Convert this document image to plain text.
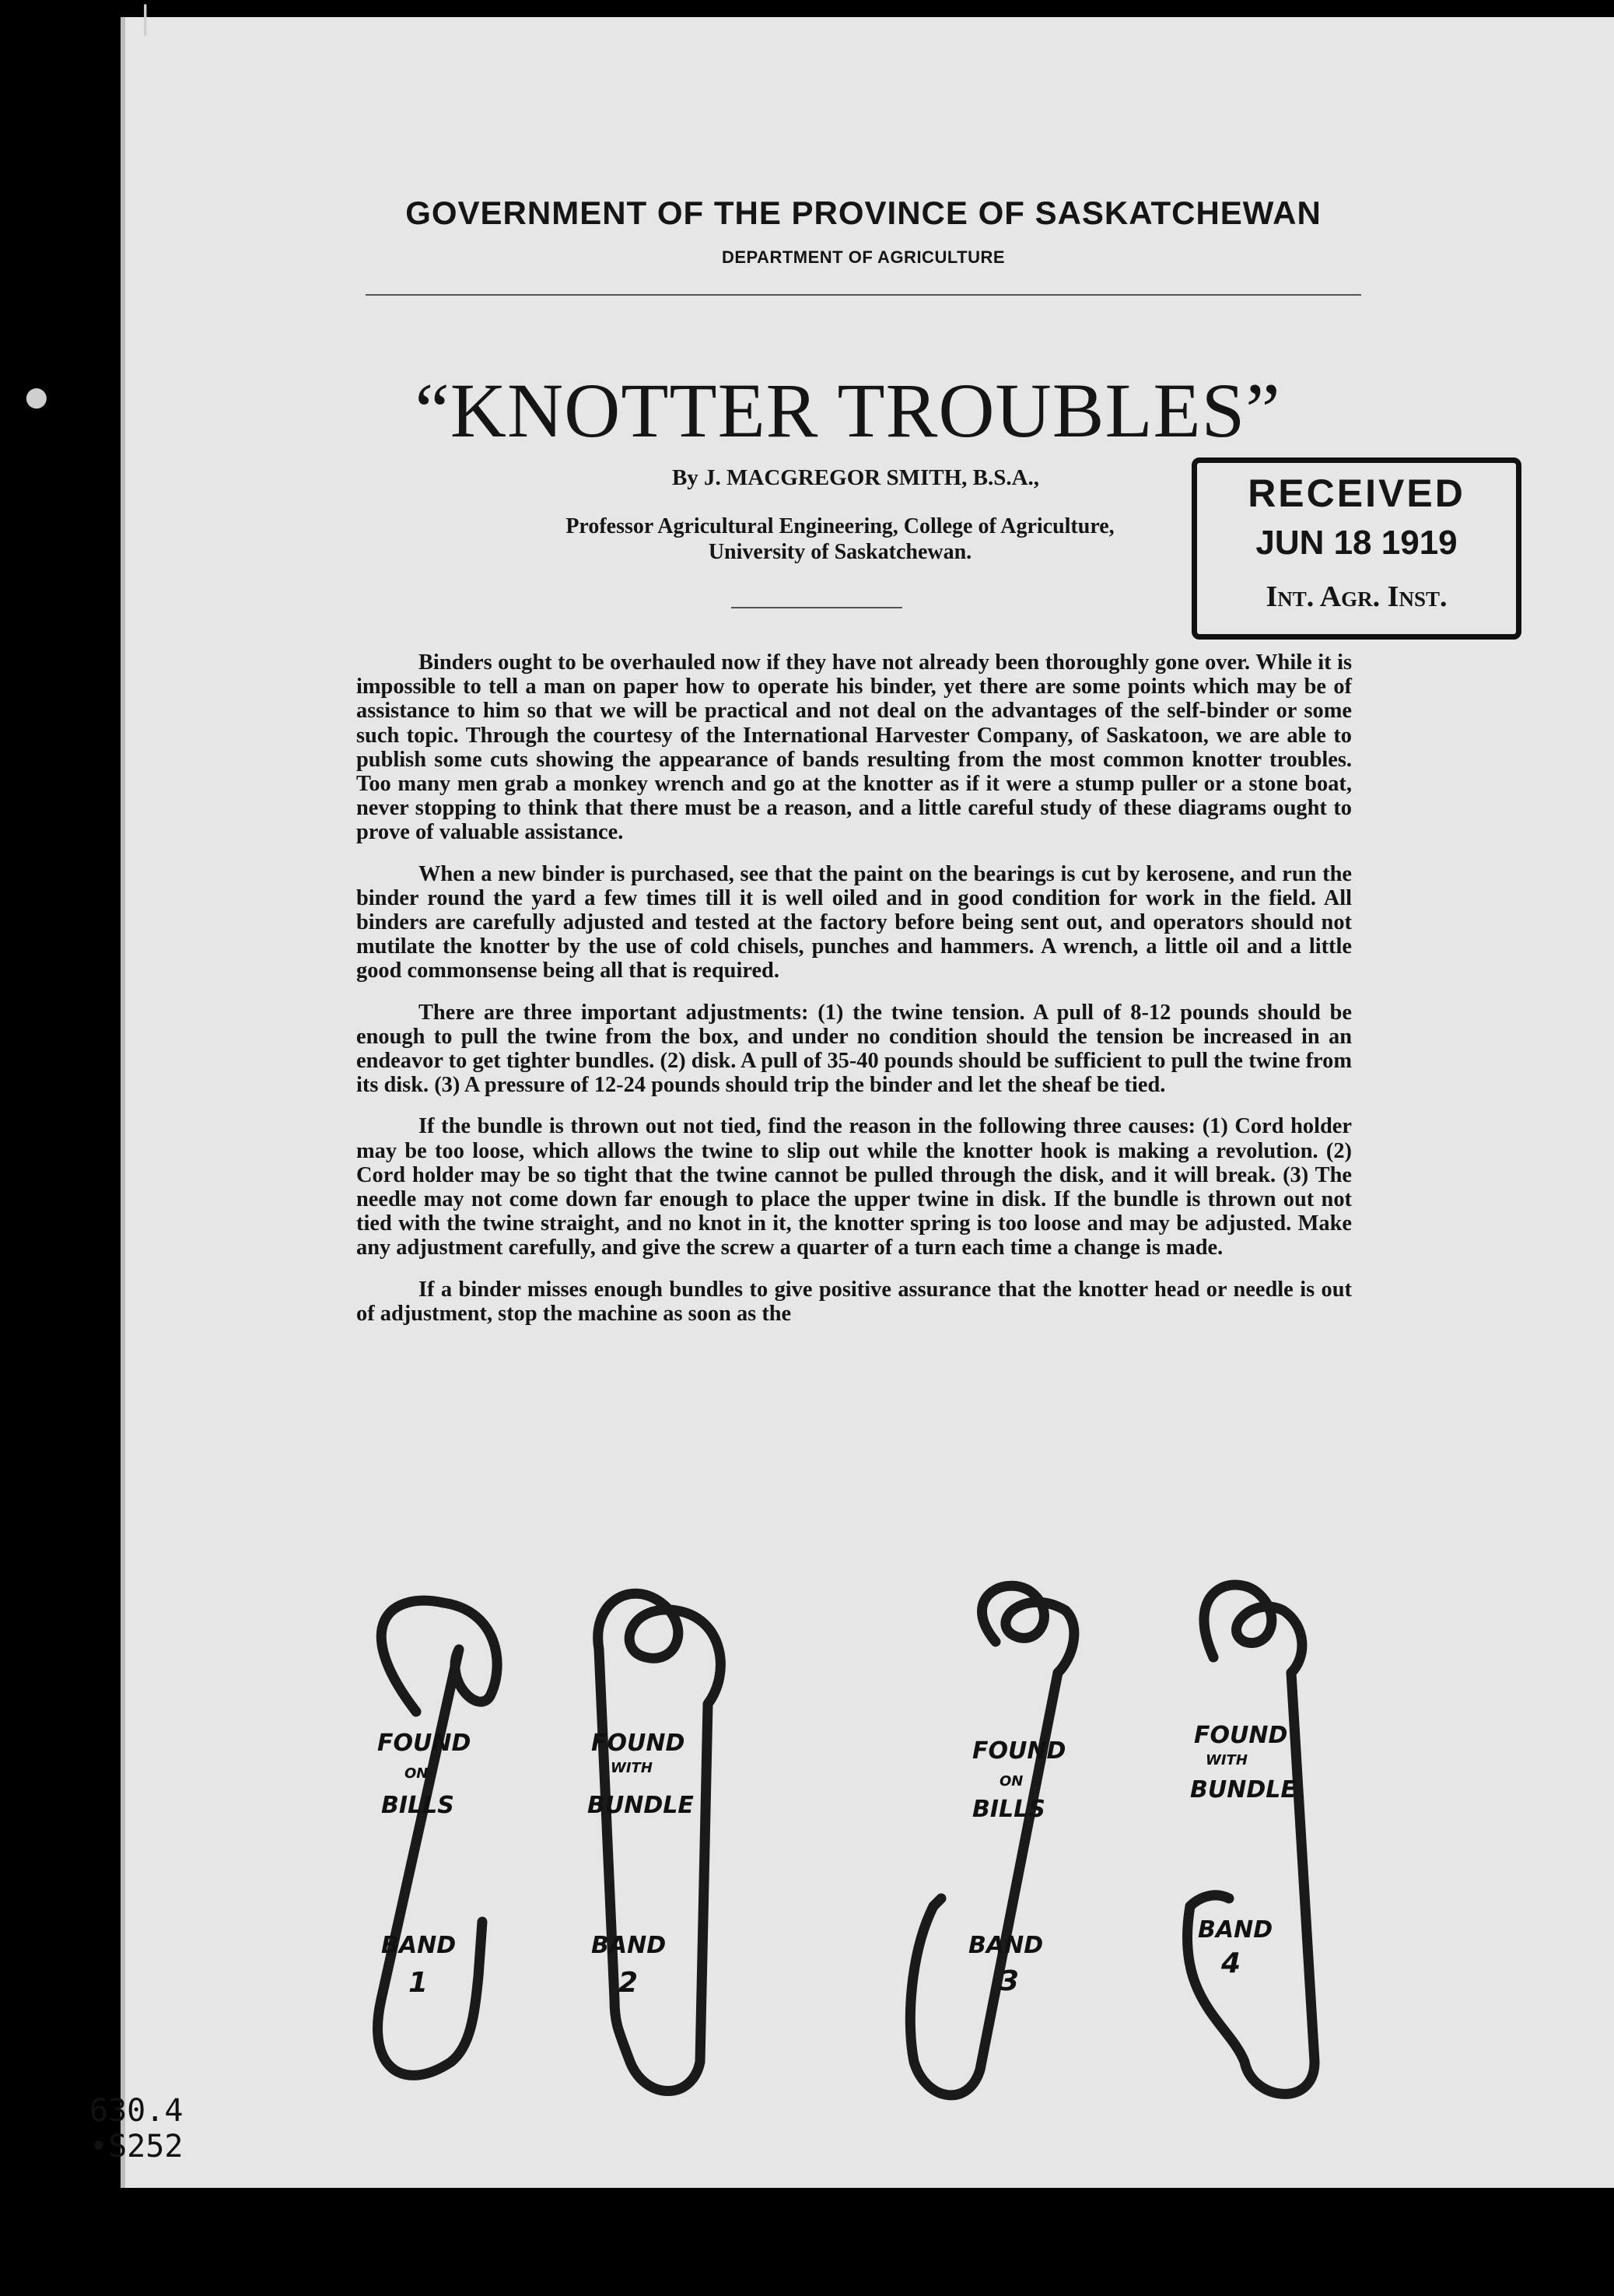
|
●
GOVERNMENT OF THE PROVINCE OF SASKATCHEWAN
DEPARTMENT OF AGRICULTURE
“KNOTTER TROUBLES”
By J. MACGREGOR SMITH, B.S.A.,
Professor Agricultural Engineering, College of Agriculture,
University of Saskatchewan.
RECEIVED
JUN 18 1919
Int. Agr. Inst.

Binders ought to be overhauled now if they have not already been thoroughly gone over. While it is impossible to tell a man on paper how to operate his binder, yet there are some points which may be of assistance to him so that we will be practical and not deal on the advantages of the self-binder or some such topic. Through the courtesy of the International Harvester Company, of Saskatoon, we are able to publish some cuts showing the appearance of bands resulting from the most common knotter troubles. Too many men grab a monkey wrench and go at the knotter as if it were a stump puller or a stone boat, never stopping to think that there must be a reason, and a little careful study of these diagrams ought to prove of valuable assistance.

When a new binder is purchased, see that the paint on the bearings is cut by kerosene, and run the binder round the yard a few times till it is well oiled and in good condition for work in the field. All binders are carefully adjusted and tested at the factory before being sent out, and operators should not mutilate the knotter by the use of cold chisels, punches and hammers. A wrench, a little oil and a little good commonsense being all that is required.

There are three important adjustments: (1) the twine tension. A pull of 8-12 pounds should be enough to pull the twine from the box, and under no condition should the tension be increased in an endeavor to get tighter bundles. (2) disk. A pull of 35-40 pounds should be sufficient to pull the twine from its disk. (3) A pressure of 12-24 pounds should trip the binder and let the sheaf be tied.

If the bundle is thrown out not tied, find the reason in the following three causes: (1) Cord holder may be too loose, which allows the twine to slip out while the knotter hook is making a revolution. (2) Cord holder may be so tight that the twine cannot be pulled through the disk, and it will break. (3) The needle may not come down far enough to place the upper twine in disk. If the bundle is thrown out not tied with the twine straight, and no knot in it, the knotter spring is too loose and may be adjusted. Make any adjustment carefully, and give the screw a quarter of a turn each time a change is made.

If a binder misses enough bundles to give positive assurance that the knotter head or needle is out of adjustment, stop the machine as soon as the

FOUND
ON
BILLS
BAND
1
FOUND
WITH
BUNDLE
BAND
2
FOUND
ON
BILLS
BAND
3
FOUND
WITH
BUNDLE
BAND
4
630.4
•S252
